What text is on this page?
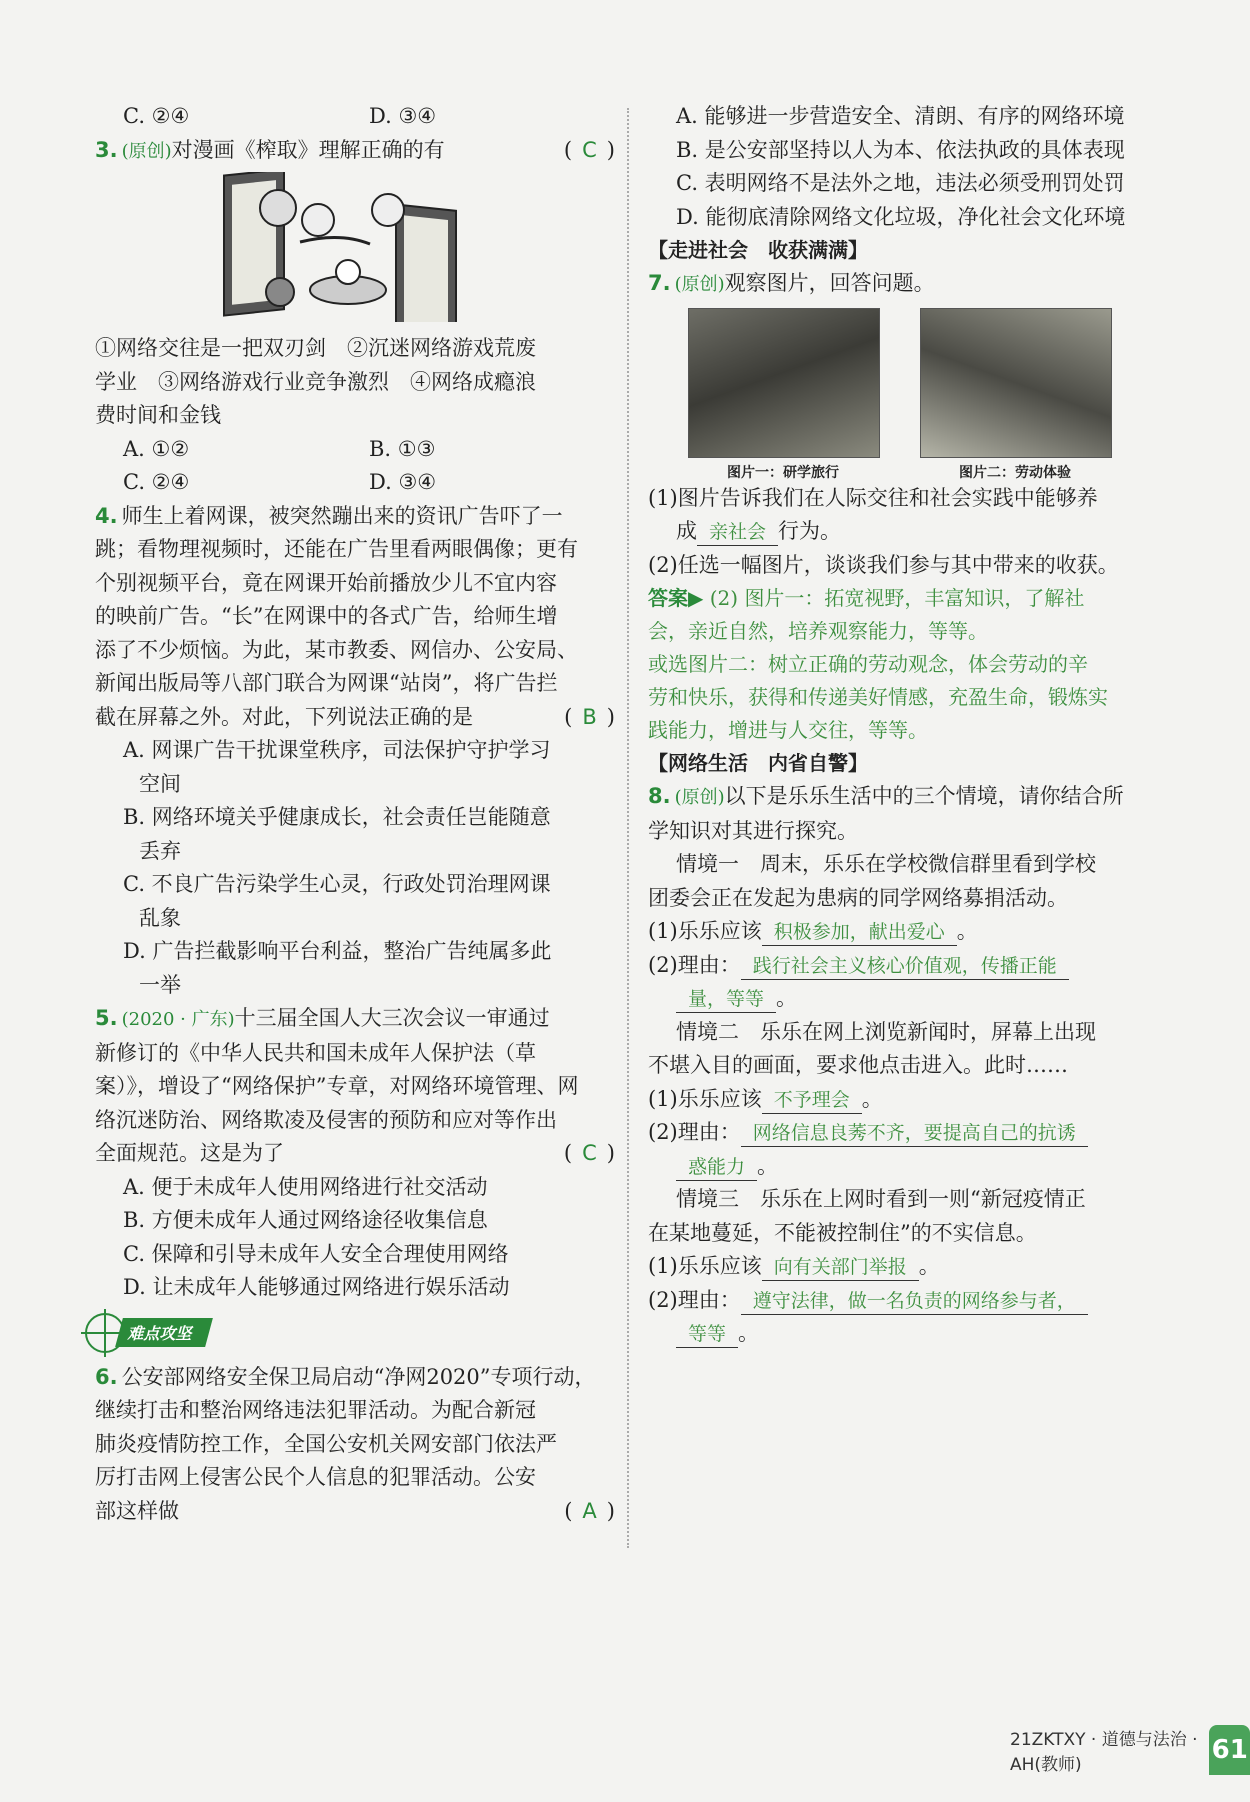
C. ②④	D. ③④
3. (原创)对漫画《榨取》理解正确的有	( C )
①网络交往是一把双刃剑　②沉迷网络游戏荒废
学业　③网络游戏行业竞争激烈　④网络成瘾浪
费时间和金钱
A. ①②	B. ①③
C. ②④	D. ③④
4. 师生上着网课，被突然蹦出来的资讯广告吓了一
跳；看物理视频时，还能在广告里看两眼偶像；更有
个别视频平台，竟在网课开始前播放少儿不宜内容
的映前广告。“长”在网课中的各式广告，给师生增
添了不少烦恼。为此，某市教委、网信办、公安局、
新闻出版局等八部门联合为网课“站岗”，将广告拦
截在屏幕之外。对此，下列说法正确的是	( B )
A. 网课广告干扰课堂秩序，司法保护守护学习
空间
B. 网络环境关乎健康成长，社会责任岂能随意
丢弃
C. 不良广告污染学生心灵，行政处罚治理网课
乱象
D. 广告拦截影响平台利益，整治广告纯属多此
一举
5. (2020 · 广东)十三届全国人大三次会议一审通过
新修订的《中华人民共和国未成年人保护法（草
案）》，增设了“网络保护”专章，对网络环境管理、网
络沉迷防治、网络欺凌及侵害的预防和应对等作出
全面规范。这是为了	( C )
A. 便于未成年人使用网络进行社交活动
B. 方便未成年人通过网络途径收集信息
C. 保障和引导未成年人安全合理使用网络
D. 让未成年人能够通过网络进行娱乐活动
难点攻坚
6. 公安部网络安全保卫局启动“净网2020”专项行动，
继续打击和整治网络违法犯罪活动。为配合新冠
肺炎疫情防控工作，全国公安机关网安部门依法严
厉打击网上侵害公民个人信息的犯罪活动。公安
部这样做	( A )
A. 能够进一步营造安全、清朗、有序的网络环境
B. 是公安部坚持以人为本、依法执政的具体表现
C. 表明网络不是法外之地，违法必须受刑罚处罚
D. 能彻底清除网络文化垃圾，净化社会文化环境
【走进社会　收获满满】
7. (原创)观察图片，回答问题。
图片一：研学旅行	图片二：劳动体验
(1)图片告诉我们在人际交往和社会实践中能够养
成 亲社会 行为。
(2)任选一幅图片，谈谈我们参与其中带来的收获。
答案▶ (2) 图片一：拓宽视野，丰富知识，了解社
会，亲近自然，培养观察能力，等等。
或选图片二：树立正确的劳动观念，体会劳动的辛
劳和快乐，获得和传递美好情感，充盈生命，锻炼实
践能力，增进与人交往，等等。
【网络生活　内省自警】
8. (原创)以下是乐乐生活中的三个情境，请你结合所
学知识对其进行探究。
情境一　周末，乐乐在学校微信群里看到学校
团委会正在发起为患病的同学网络募捐活动。
(1)乐乐应该 积极参加，献出爱心 。
(2)理由： 践行社会主义核心价值观，传播正能
量，等等 。
情境二　乐乐在网上浏览新闻时，屏幕上出现
不堪入目的画面，要求他点击进入。此时……
(1)乐乐应该 不予理会 。
(2)理由： 网络信息良莠不齐，要提高自己的抗诱
惑能力 。
情境三　乐乐在上网时看到一则“新冠疫情正
在某地蔓延，不能被控制住”的不实信息。
(1)乐乐应该 向有关部门举报 。
(2)理由： 遵守法律，做一名负责的网络参与者，
等等 。
21ZKTXY · 道德与法治 · AH(教师)	61
